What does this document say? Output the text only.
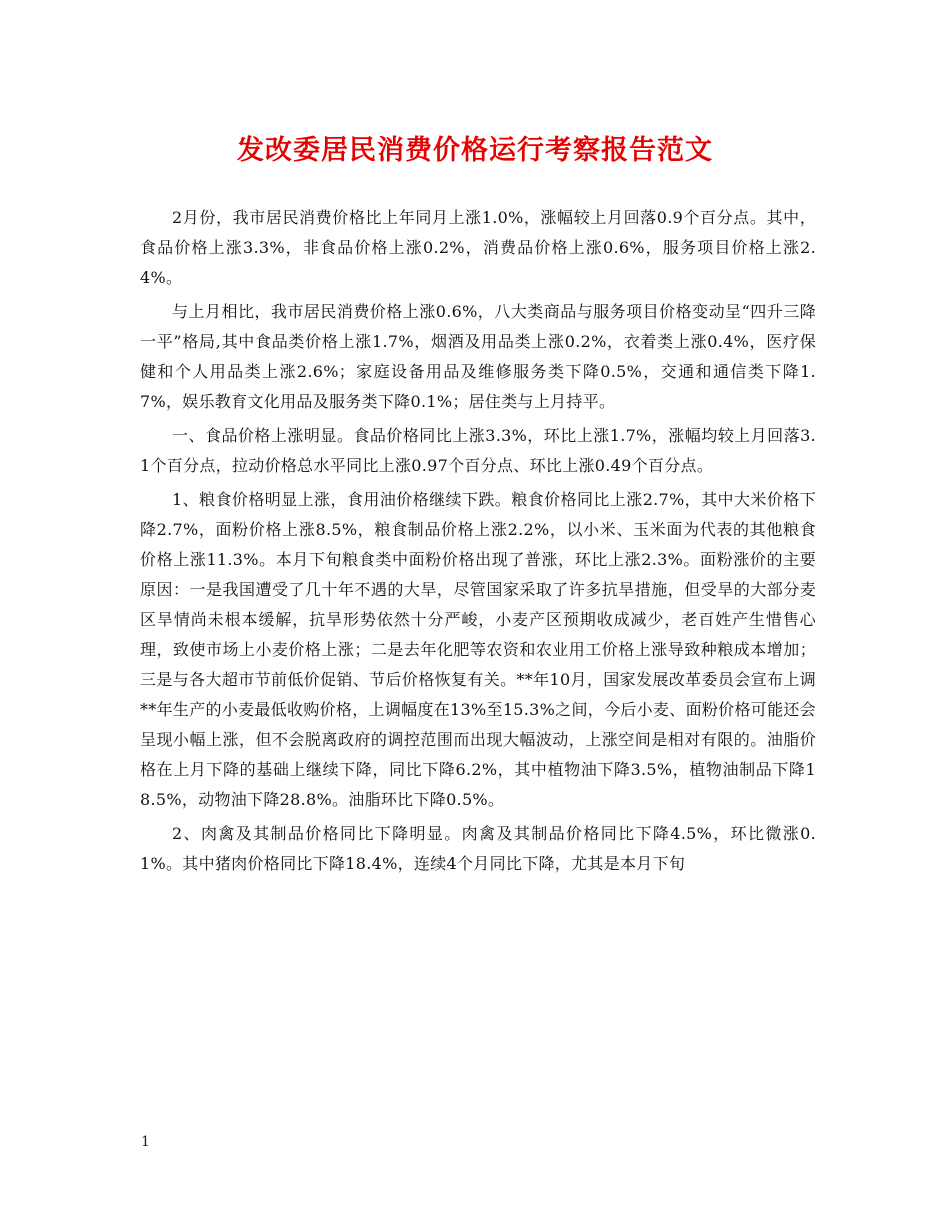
发改委居民消费价格运行考察报告范文

2月份，我市居民消费价格比上年同月上涨1.0%，涨幅较上月回落0.9个百分点。其中，食品价格上涨3.3%，非食品价格上涨0.2%，消费品价格上涨0.6%，服务项目价格上涨2.4%。

与上月相比，我市居民消费价格上涨0.6%，八大类商品与服务项目价格变动呈“四升三降一平”格局,其中食品类价格上涨1.7%，烟酒及用品类上涨0.2%，衣着类上涨0.4%，医疗保健和个人用品类上涨2.6%；家庭设备用品及维修服务类下降0.5%，交通和通信类下降1.7%，娱乐教育文化用品及服务类下降0.1%；居住类与上月持平。

一、食品价格上涨明显。食品价格同比上涨3.3%，环比上涨1.7%，涨幅均较上月回落3.1个百分点，拉动价格总水平同比上涨0.97个百分点、环比上涨0.49个百分点。

1、粮食价格明显上涨，食用油价格继续下跌。粮食价格同比上涨2.7%，其中大米价格下降2.7%，面粉价格上涨8.5%，粮食制品价格上涨2.2%，以小米、玉米面为代表的其他粮食价格上涨11.3%。本月下旬粮食类中面粉价格出现了普涨，环比上涨2.3%。面粉涨价的主要原因：一是我国遭受了几十年不遇的大旱，尽管国家采取了许多抗旱措施，但受旱的大部分麦区旱情尚未根本缓解，抗旱形势依然十分严峻，小麦产区预期收成减少，老百姓产生惜售心理，致使市场上小麦价格上涨；二是去年化肥等农资和农业用工价格上涨导致种粮成本增加；三是与各大超市节前低价促销、节后价格恢复有关。**年10月，国家发展改革委员会宣布上调**年生产的小麦最低收购价格，上调幅度在13%至15.3%之间，今后小麦、面粉价格可能还会呈现小幅上涨，但不会脱离政府的调控范围而出现大幅波动，上涨空间是相对有限的。油脂价格在上月下降的基础上继续下降，同比下降6.2%，其中植物油下降3.5%，植物油制品下降18.5%，动物油下降28.8%。油脂环比下降0.5%。

2、肉禽及其制品价格同比下降明显。肉禽及其制品价格同比下降4.5%，环比微涨0.1%。其中猪肉价格同比下降18.4%，连续4个月同比下降，尤其是本月下旬

1
